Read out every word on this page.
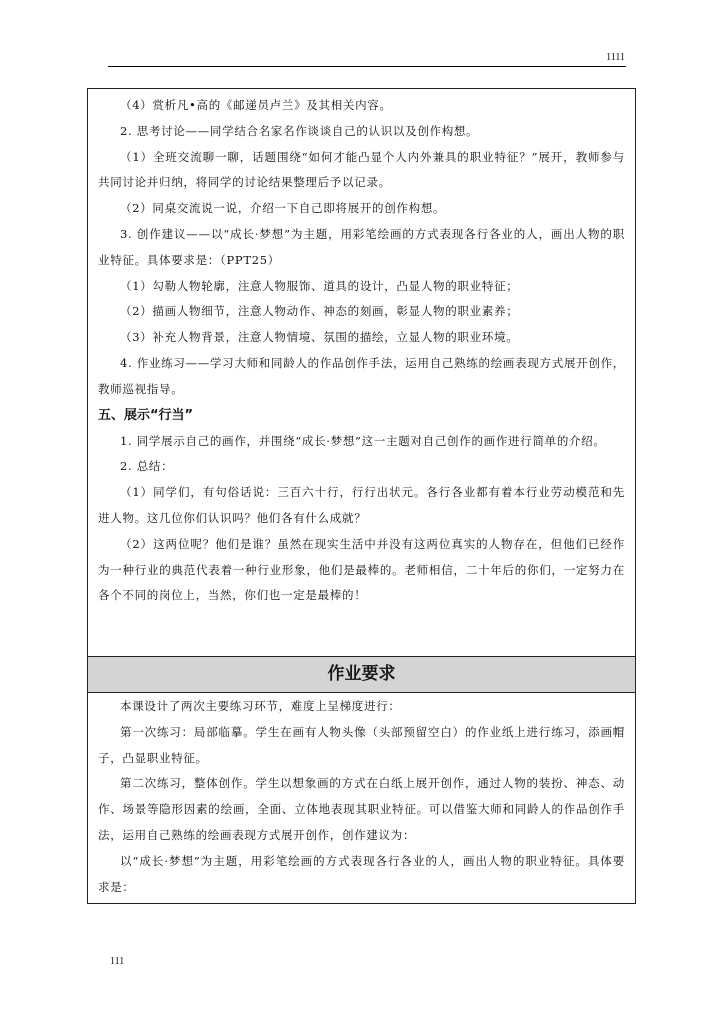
1111

（4）赏析凡•高的《邮递员卢兰》及其相关内容。

2. 思考讨论——同学结合名家名作谈谈自己的认识以及创作构想。

（1）全班交流聊一聊，话题围绕“如何才能凸显个人内外兼具的职业特征？”展开，教师参与共同讨论并归纳，将同学的讨论结果整理后予以记录。

（2）同桌交流说一说，介绍一下自己即将展开的创作构想。

3. 创作建议——以“成长·梦想”为主题，用彩笔绘画的方式表现各行各业的人，画出人物的职业特征。具体要求是：（PPT25）

（1）勾勒人物轮廓，注意人物服饰、道具的设计，凸显人物的职业特征；

（2）描画人物细节，注意人物动作、神态的刻画，彰显人物的职业素养；

（3）补充人物背景，注意人物情境、氛围的描绘，立显人物的职业环境。

4. 作业练习——学习大师和同龄人的作品创作手法，运用自己熟练的绘画表现方式展开创作，教师巡视指导。

五、展示“行当”

1. 同学展示自己的画作，并围绕“成长·梦想”这一主题对自己创作的画作进行简单的介绍。

2. 总结：

（1）同学们，有句俗话说：三百六十行，行行出状元。各行各业都有着本行业劳动模范和先进人物。这几位你们认识吗？他们各有什么成就？

（2）这两位呢？他们是谁？虽然在现实生活中并没有这两位真实的人物存在，但他们已经作为一种行业的典范代表着一种行业形象，他们是最棒的。老师相信，二十年后的你们，一定努力在各个不同的岗位上，当然，你们也一定是最棒的！

作业要求

本课设计了两次主要练习环节，难度上呈梯度进行：

第一次练习：局部临摹。学生在画有人物头像（头部预留空白）的作业纸上进行练习，添画帽子，凸显职业特征。

第二次练习，整体创作。学生以想象画的方式在白纸上展开创作，通过人物的装扮、神态、动作、场景等隐形因素的绘画，全面、立体地表现其职业特征。可以借鉴大师和同龄人的作品创作手法，运用自己熟练的绘画表现方式展开创作，创作建议为：

以“成长·梦想”为主题，用彩笔绘画的方式表现各行各业的人，画出人物的职业特征。具体要求是：

111
